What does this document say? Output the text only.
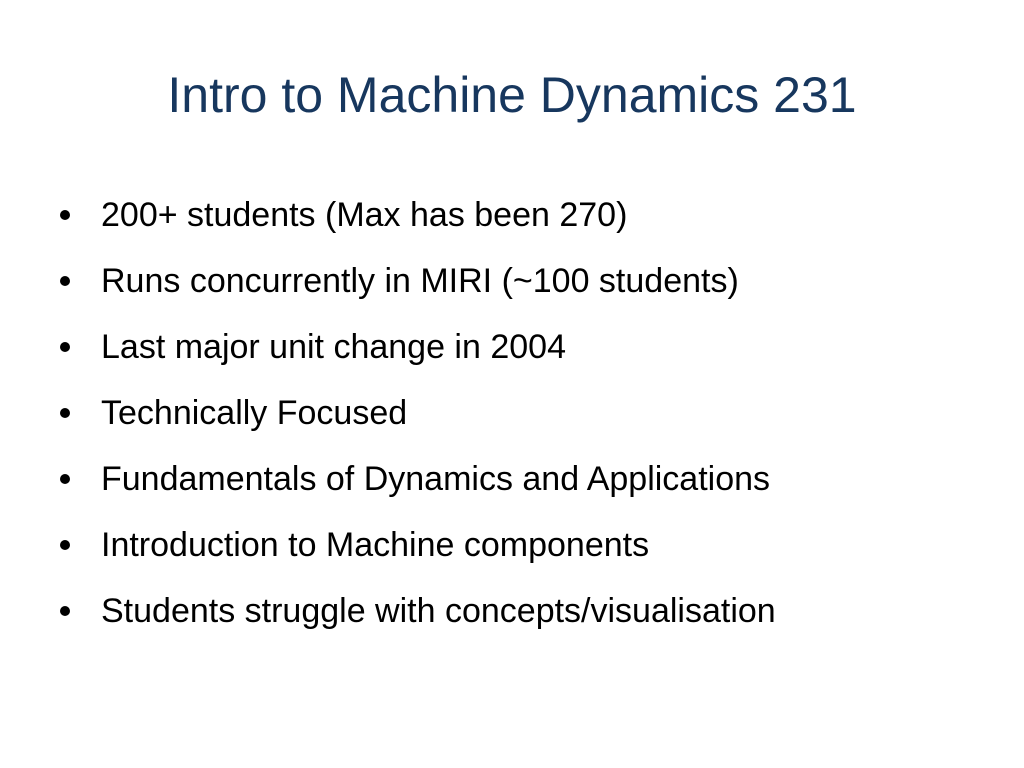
Intro to Machine Dynamics 231
200+ students (Max has been 270)
Runs concurrently in MIRI (~100 students)
Last major unit change in 2004
Technically Focused
Fundamentals of Dynamics and Applications
Introduction to Machine components
Students struggle with concepts/visualisation
